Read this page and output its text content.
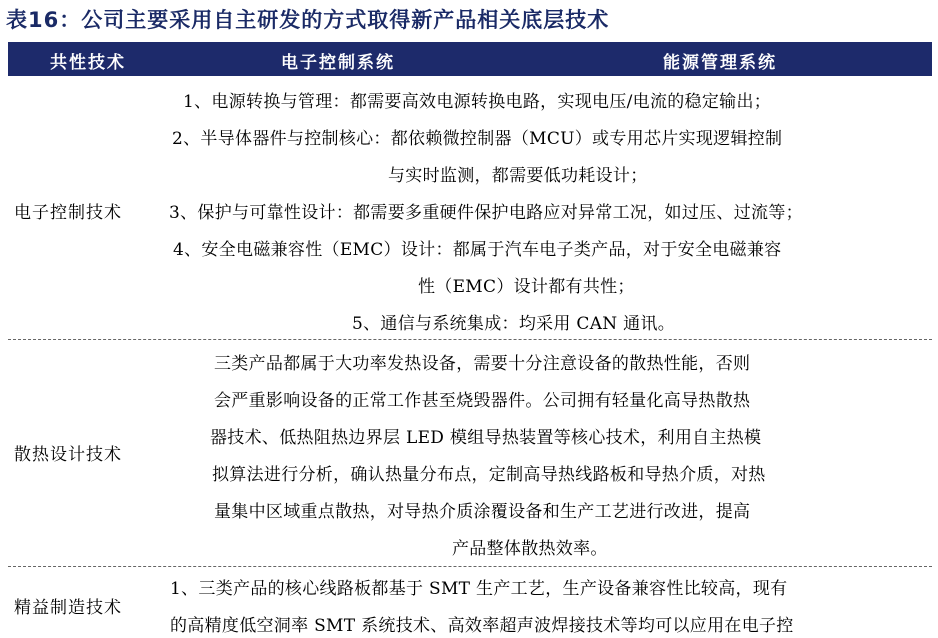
表16：公司主要采用自主研发的方式取得新产品相关底层技术
共性技术	电子控制系统	能源管理系统
电子控制技术
1、电源转换与管理：都需要高效电源转换电路，实现电压/电流的稳定输出；
2、半导体器件与控制核心：都依赖微控制器（MCU）或专用芯片实现逻辑控制
与实时监测，都需要低功耗设计；
3、保护与可靠性设计：都需要多重硬件保护电路应对异常工况，如过压、过流等；
4、安全电磁兼容性（EMC）设计：都属于汽车电子类产品，对于安全电磁兼容
性（EMC）设计都有共性；
5、通信与系统集成：均采用 CAN 通讯。
散热设计技术
三类产品都属于大功率发热设备，需要十分注意设备的散热性能，否则
会严重影响设备的正常工作甚至烧毁器件。公司拥有轻量化高导热散热
器技术、低热阻热边界层 LED 模组导热装置等核心技术，利用自主热模
拟算法进行分析，确认热量分布点，定制高导热线路板和导热介质，对热
量集中区域重点散热，对导热介质涂覆设备和生产工艺进行改进，提高
产品整体散热效率。
精益制造技术
1、三类产品的核心线路板都基于 SMT 生产工艺，生产设备兼容性比较高，现有
的高精度低空洞率 SMT 系统技术、高效率超声波焊接技术等均可以应用在电子控
